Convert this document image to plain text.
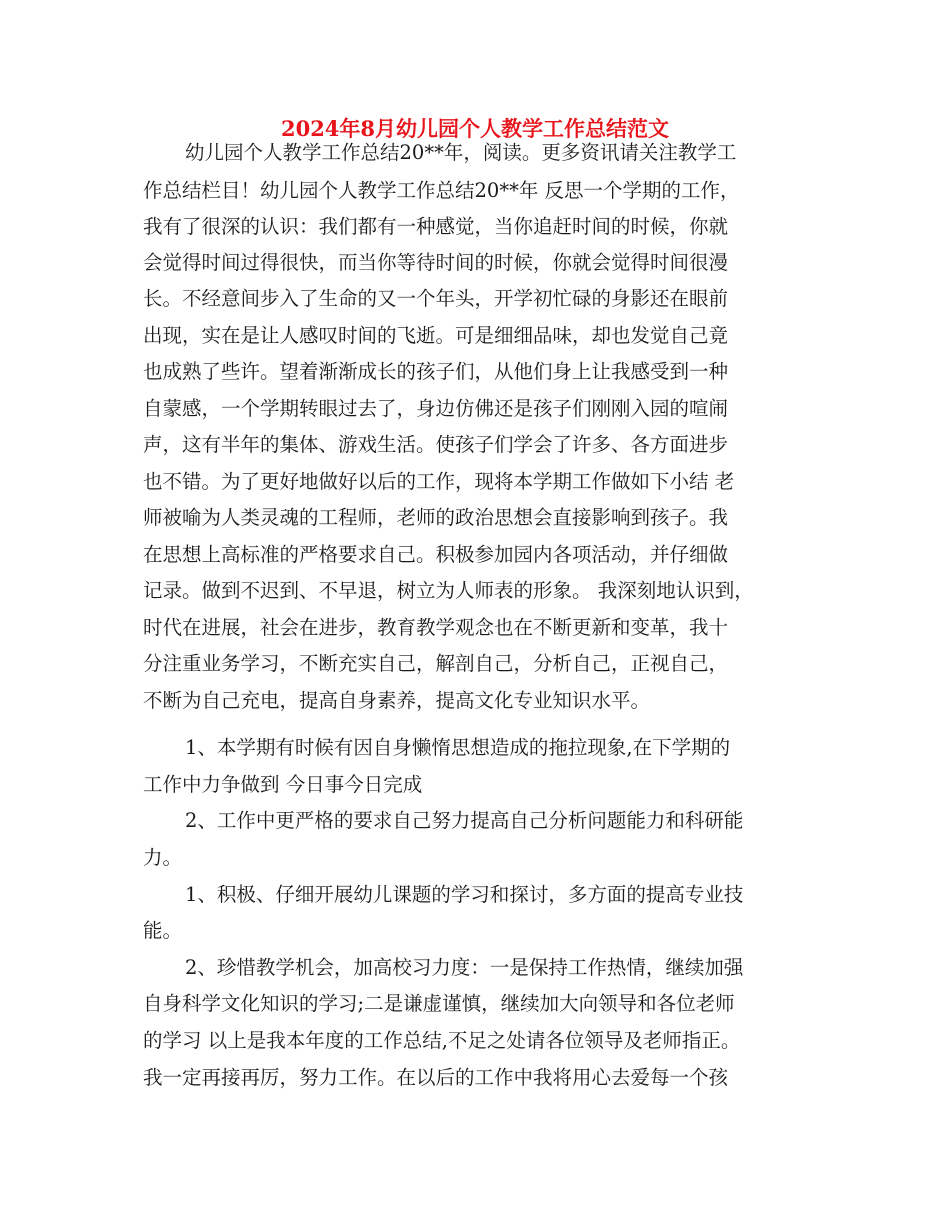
2024年8月幼儿园个人教学工作总结范文
幼儿园个人教学工作总结20**年，阅读。更多资讯请关注教学工
作总结栏目！幼儿园个人教学工作总结20**年 反思一个学期的工作，
我有了很深的认识：我们都有一种感觉，当你追赶时间的时候，你就
会觉得时间过得很快，而当你等待时间的时候，你就会觉得时间很漫
长。不经意间步入了生命的又一个年头，开学初忙碌的身影还在眼前
出现，实在是让人感叹时间的飞逝。可是细细品味，却也发觉自己竟
也成熟了些许。望着渐渐成长的孩子们，从他们身上让我感受到一种
自蒙感，一个学期转眼过去了，身边仿佛还是孩子们刚刚入园的喧闹
声，这有半年的集体、游戏生活。使孩子们学会了许多、各方面进步
也不错。为了更好地做好以后的工作，现将本学期工作做如下小结 老
师被喻为人类灵魂的工程师，老师的政治思想会直接影响到孩子。我
在思想上高标准的严格要求自己。积极参加园内各项活动，并仔细做
记录。做到不迟到、不早退，树立为人师表的形象。 我深刻地认识到，
时代在进展，社会在进步，教育教学观念也在不断更新和变革，我十
分注重业务学习，不断充实自己，解剖自己，分析自己，正视自己，
不断为自己充电，提高自身素养，提高文化专业知识水平。
1、本学期有时候有因自身懒惰思想造成的拖拉现象,在下学期的
工作中力争做到 今日事今日完成
2、工作中更严格的要求自己努力提高自己分析问题能力和科研能
力。
1、积极、仔细开展幼儿课题的学习和探讨，多方面的提高专业技
能。
2、珍惜教学机会，加高校习力度：一是保持工作热情，继续加强
自身科学文化知识的学习;二是谦虚谨慎，继续加大向领导和各位老师
的学习 以上是我本年度的工作总结,不足之处请各位领导及老师指正。
我一定再接再厉，努力工作。在以后的工作中我将用心去爱每一个孩
